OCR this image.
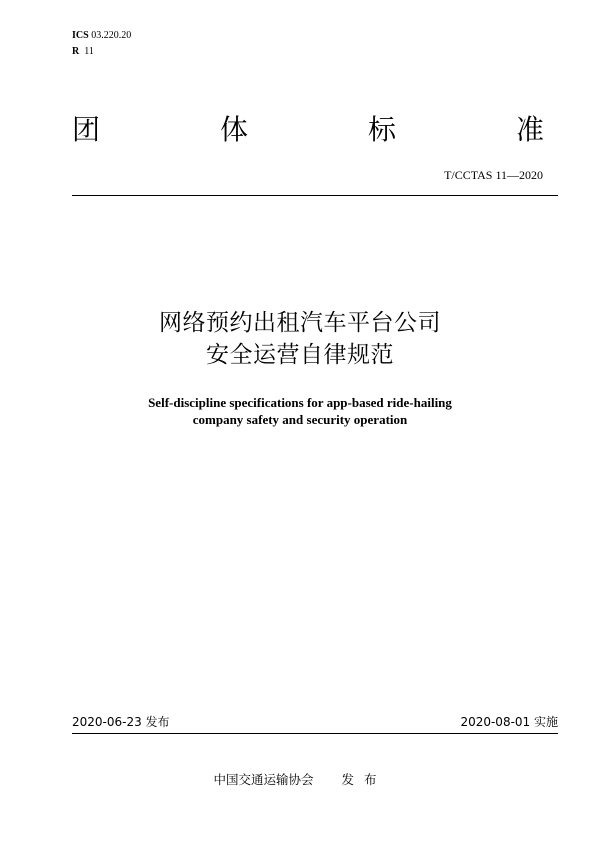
ICS 03.220.20
R 11
团	体	标	准
T/CCTAS 11—2020
网络预约出租汽车平台公司
安全运营自律规范
Self-discipline specifications for app-based ride-hailing
company safety and security operation
2020-06-23 发布	2020-08-01 实施
中国交通运输协会 发布
